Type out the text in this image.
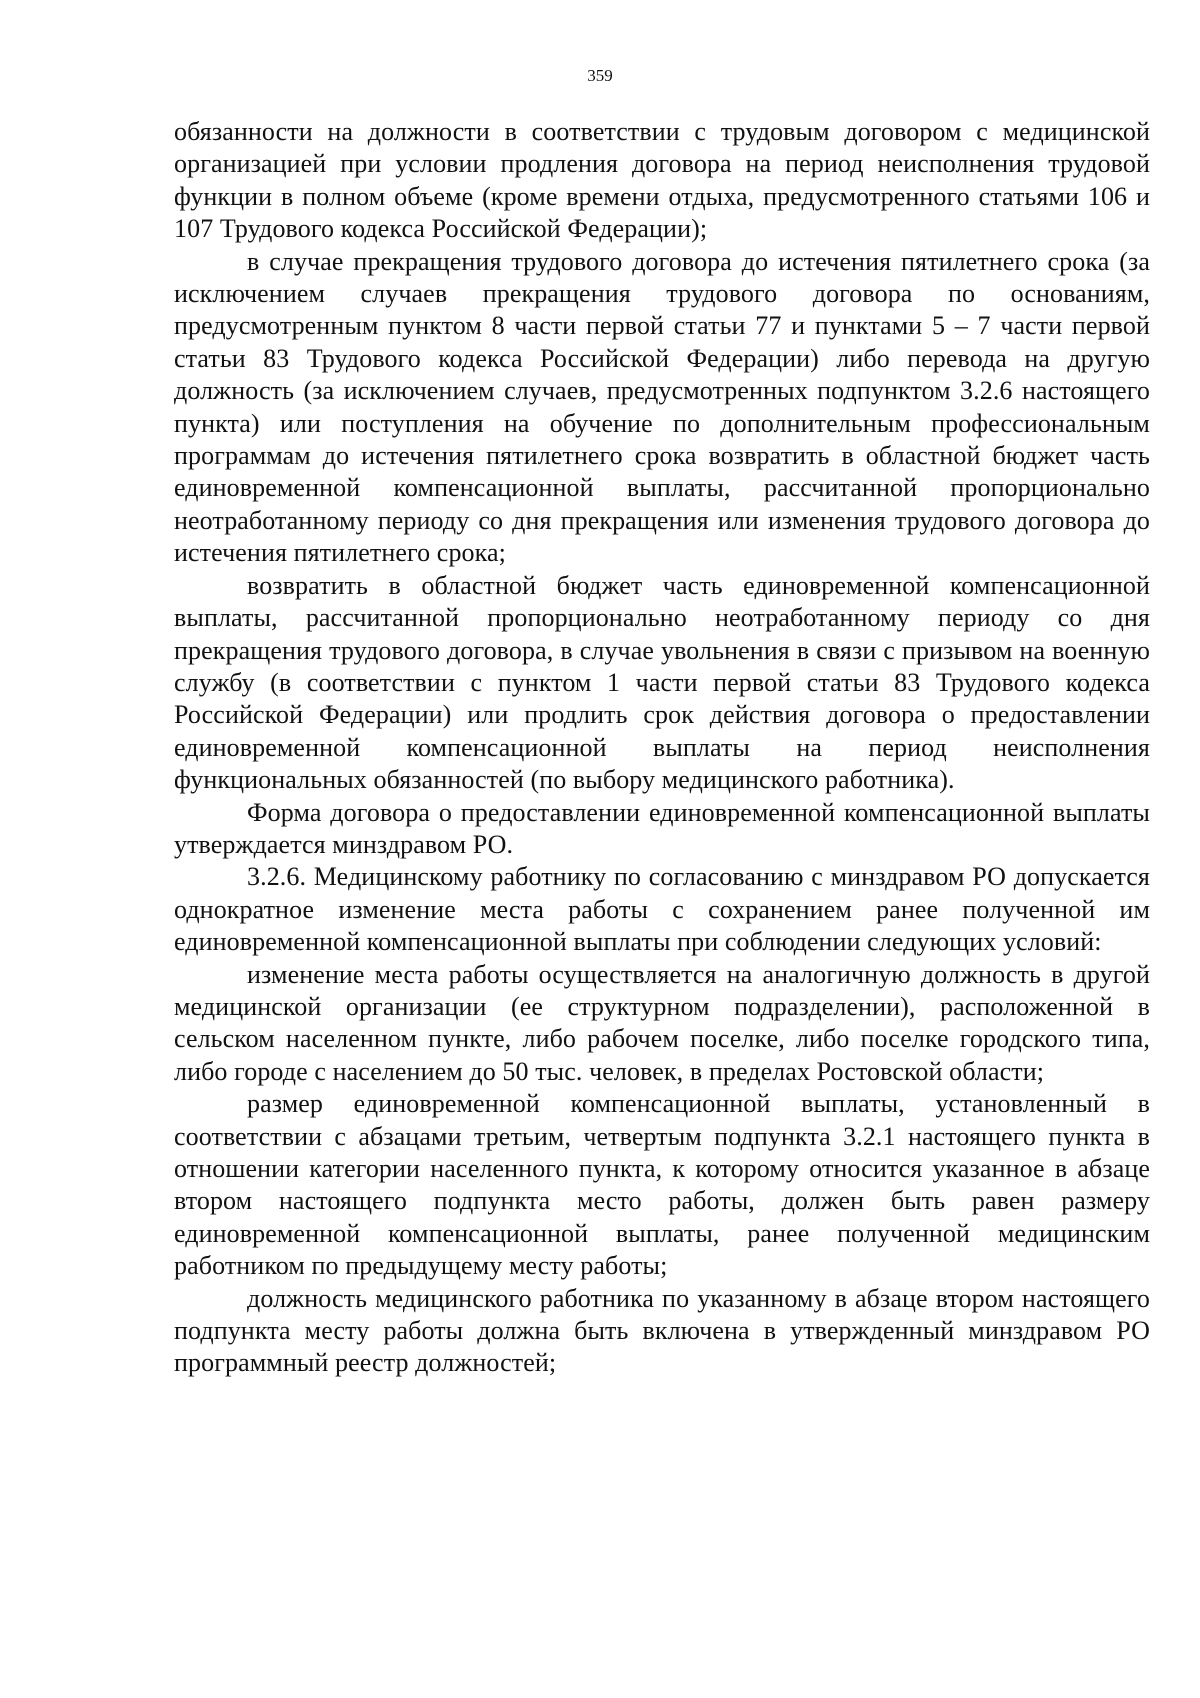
359

обязанности на должности в соответствии с трудовым договором с медицинской организацией при условии продления договора на период неисполнения трудовой функции в полном объеме (кроме времени отдыха, предусмотренного статьями 106 и 107 Трудового кодекса Российской Федерации);

в случае прекращения трудового договора до истечения пятилетнего срока (за исключением случаев прекращения трудового договора по основаниям, предусмотренным пунктом 8 части первой статьи 77 и пунктами 5 – 7 части первой статьи 83 Трудового кодекса Российской Федерации) либо перевода на другую должность (за исключением случаев, предусмотренных подпунктом 3.2.6 настоящего пункта) или поступления на обучение по дополнительным профессиональным программам до истечения пятилетнего срока возвратить в областной бюджет часть единовременной компенсационной выплаты, рассчитанной пропорционально неотработанному периоду со дня прекращения или изменения трудового договора до истечения пятилетнего срока;

возвратить в областной бюджет часть единовременной компенсационной выплаты, рассчитанной пропорционально неотработанному периоду со дня прекращения трудового договора, в случае увольнения в связи с призывом на военную службу (в соответствии с пунктом 1 части первой статьи 83 Трудового кодекса Российской Федерации) или продлить срок действия договора о предоставлении единовременной компенсационной выплаты на период неисполнения функциональных обязанностей (по выбору медицинского работника).

Форма договора о предоставлении единовременной компенсационной выплаты утверждается минздравом РО.

3.2.6. Медицинскому работнику по согласованию с минздравом РО допускается однократное изменение места работы с сохранением ранее полученной им единовременной компенсационной выплаты при соблюдении следующих условий:

изменение места работы осуществляется на аналогичную должность в другой медицинской организации (ее структурном подразделении), расположенной в сельском населенном пункте, либо рабочем поселке, либо поселке городского типа, либо городе с населением до 50 тыс. человек, в пределах Ростовской области;

размер единовременной компенсационной выплаты, установленный в соответствии с абзацами третьим, четвертым подпункта 3.2.1 настоящего пункта в отношении категории населенного пункта, к которому относится указанное в абзаце втором настоящего подпункта место работы, должен быть равен размеру единовременной компенсационной выплаты, ранее полученной медицинским работником по предыдущему месту работы;

должность медицинского работника по указанному в абзаце втором настоящего подпункта месту работы должна быть включена в утвержденный минздравом РО программный реестр должностей;
